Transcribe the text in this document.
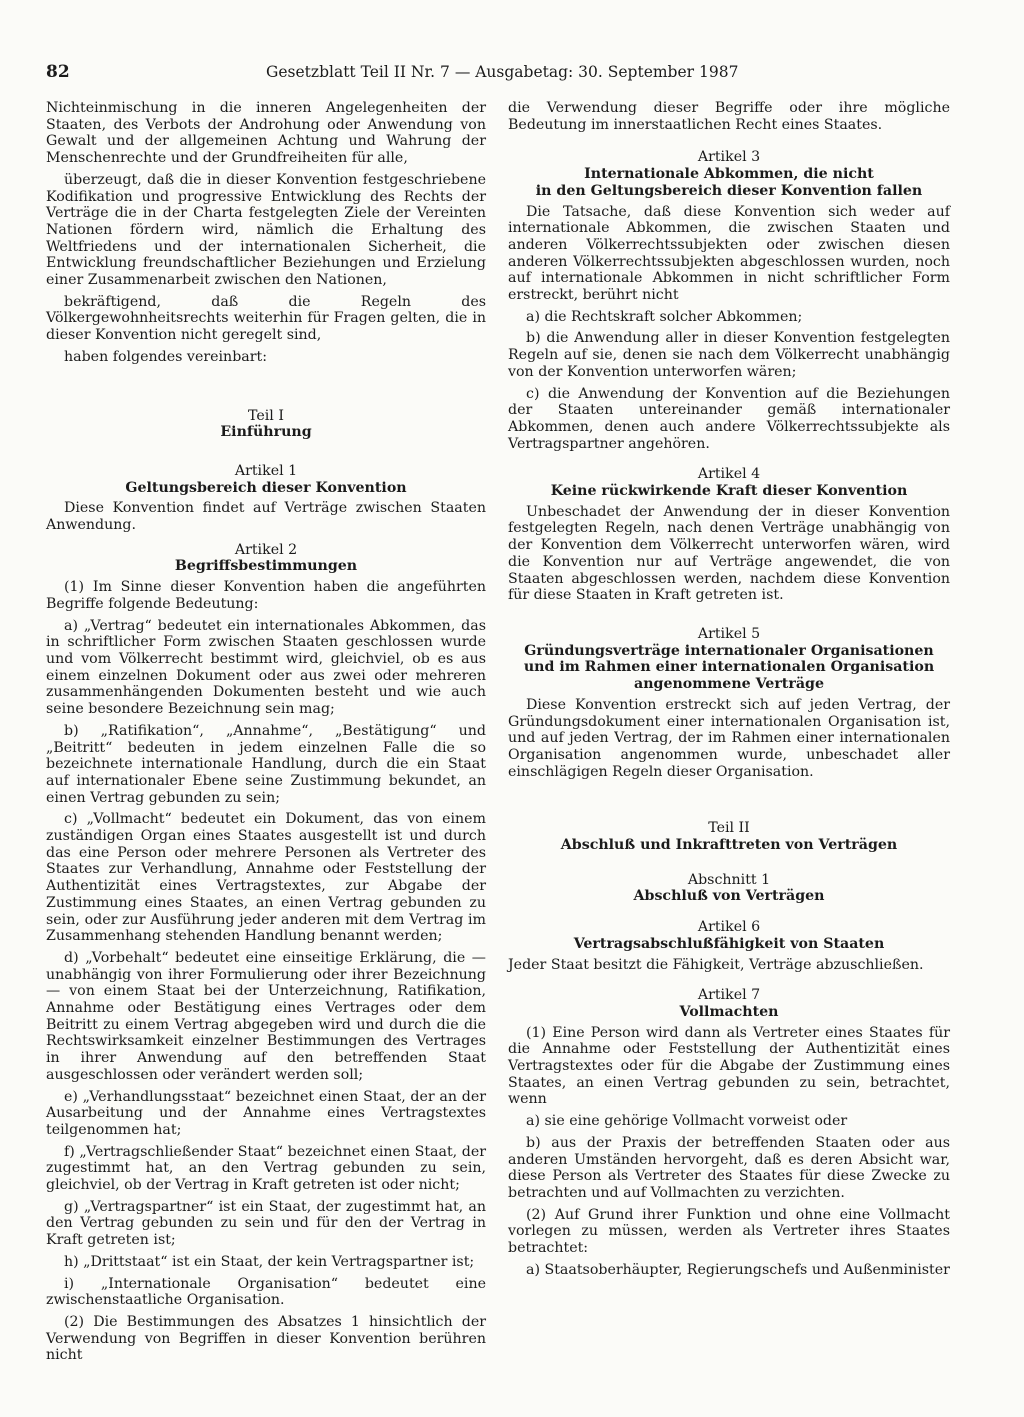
82	Gesetzblatt Teil II Nr. 7 — Ausgabetag: 30. September 1987

Nichteinmischung in die inneren Angelegenheiten der Staaten, des Verbots der Androhung oder Anwendung von Gewalt und der allgemeinen Achtung und Wahrung der Menschenrechte und der Grundfreiheiten für alle,

überzeugt, daß die in dieser Konvention festgeschriebene Kodifikation und progressive Entwicklung des Rechts der Verträge die in der Charta festgelegten Ziele der Vereinten Nationen fördern wird, nämlich die Erhaltung des Weltfriedens und der internationalen Sicherheit, die Entwicklung freundschaftlicher Beziehungen und Erzielung einer Zusammenarbeit zwischen den Nationen,

bekräftigend, daß die Regeln des Völkergewohnheitsrechts weiterhin für Fragen gelten, die in dieser Konvention nicht geregelt sind,

haben folgendes vereinbart:

Teil I
Einführung
Artikel 1
Geltungsbereich dieser Konvention

Diese Konvention findet auf Verträge zwischen Staaten Anwendung.

Artikel 2
Begriffsbestimmungen

(1) Im Sinne dieser Konvention haben die angeführten Begriffe folgende Bedeutung:

a) „Vertrag“ bedeutet ein internationales Abkommen, das in schriftlicher Form zwischen Staaten geschlossen wurde und vom Völkerrecht bestimmt wird, gleichviel, ob es aus einem einzelnen Dokument oder aus zwei oder mehreren zusammenhängenden Dokumenten besteht und wie auch seine besondere Bezeichnung sein mag;

b) „Ratifikation“, „Annahme“, „Bestätigung“ und „Beitritt“ bedeuten in jedem einzelnen Falle die so bezeichnete internationale Handlung, durch die ein Staat auf internationaler Ebene seine Zustimmung bekundet, an einen Vertrag gebunden zu sein;

c) „Vollmacht“ bedeutet ein Dokument, das von einem zuständigen Organ eines Staates ausgestellt ist und durch das eine Person oder mehrere Personen als Vertreter des Staates zur Verhandlung, Annahme oder Feststellung der Authentizität eines Vertragstextes, zur Abgabe der Zustimmung eines Staates, an einen Vertrag gebunden zu sein, oder zur Ausführung jeder anderen mit dem Vertrag im Zusammenhang stehenden Handlung benannt werden;

d) „Vorbehalt“ bedeutet eine einseitige Erklärung, die — unabhängig von ihrer Formulierung oder ihrer Bezeichnung — von einem Staat bei der Unterzeichnung, Ratifikation, Annahme oder Bestätigung eines Vertrages oder dem Beitritt zu einem Vertrag abgegeben wird und durch die die Rechtswirksamkeit einzelner Bestimmungen des Vertrages in ihrer Anwendung auf den betreffenden Staat ausgeschlossen oder verändert werden soll;

e) „Verhandlungsstaat“ bezeichnet einen Staat, der an der Ausarbeitung und der Annahme eines Vertragstextes teilgenommen hat;

f) „Vertragschließender Staat“ bezeichnet einen Staat, der zugestimmt hat, an den Vertrag gebunden zu sein, gleichviel, ob der Vertrag in Kraft getreten ist oder nicht;

g) „Vertragspartner“ ist ein Staat, der zugestimmt hat, an den Vertrag gebunden zu sein und für den der Vertrag in Kraft getreten ist;

h) „Drittstaat“ ist ein Staat, der kein Vertragspartner ist;

i) „Internationale Organisation“ bedeutet eine zwischenstaatliche Organisation.

(2) Die Bestimmungen des Absatzes 1 hinsichtlich der Verwendung von Begriffen in dieser Konvention berühren nicht

die Verwendung dieser Begriffe oder ihre mögliche Bedeutung im innerstaatlichen Recht eines Staates.

Artikel 3
Internationale Abkommen, die nicht
in den Geltungsbereich dieser Konvention fallen

Die Tatsache, daß diese Konvention sich weder auf internationale Abkommen, die zwischen Staaten und anderen Völkerrechtssubjekten oder zwischen diesen anderen Völkerrechtssubjekten abgeschlossen wurden, noch auf internationale Abkommen in nicht schriftlicher Form erstreckt, berührt nicht

a) die Rechtskraft solcher Abkommen;

b) die Anwendung aller in dieser Konvention festgelegten Regeln auf sie, denen sie nach dem Völkerrecht unabhängig von der Konvention unterworfen wären;

c) die Anwendung der Konvention auf die Beziehungen der Staaten untereinander gemäß internationaler Abkommen, denen auch andere Völkerrechtssubjekte als Vertragspartner angehören.

Artikel 4
Keine rückwirkende Kraft dieser Konvention

Unbeschadet der Anwendung der in dieser Konvention festgelegten Regeln, nach denen Verträge unabhängig von der Konvention dem Völkerrecht unterworfen wären, wird die Konvention nur auf Verträge angewendet, die von Staaten abgeschlossen werden, nachdem diese Konvention für diese Staaten in Kraft getreten ist.

Artikel 5
Gründungsverträge internationaler Organisationen
und im Rahmen einer internationalen Organisation
angenommene Verträge

Diese Konvention erstreckt sich auf jeden Vertrag, der Gründungsdokument einer internationalen Organisation ist, und auf jeden Vertrag, der im Rahmen einer internationalen Organisation angenommen wurde, unbeschadet aller einschlägigen Regeln dieser Organisation.

Teil II
Abschluß und Inkrafttreten von Verträgen
Abschnitt 1
Abschluß von Verträgen
Artikel 6
Vertragsabschlußfähigkeit von Staaten

Jeder Staat besitzt die Fähigkeit, Verträge abzuschließen.

Artikel 7
Vollmachten

(1) Eine Person wird dann als Vertreter eines Staates für die Annahme oder Feststellung der Authentizität eines Vertragstextes oder für die Abgabe der Zustimmung eines Staates, an einen Vertrag gebunden zu sein, betrachtet, wenn

a) sie eine gehörige Vollmacht vorweist oder

b) aus der Praxis der betreffenden Staaten oder aus anderen Umständen hervorgeht, daß es deren Absicht war, diese Person als Vertreter des Staates für diese Zwecke zu betrachten und auf Vollmachten zu verzichten.

(2) Auf Grund ihrer Funktion und ohne eine Vollmacht vorlegen zu müssen, werden als Vertreter ihres Staates betrachtet:

a) Staatsoberhäupter, Regierungschefs und Außenminister
